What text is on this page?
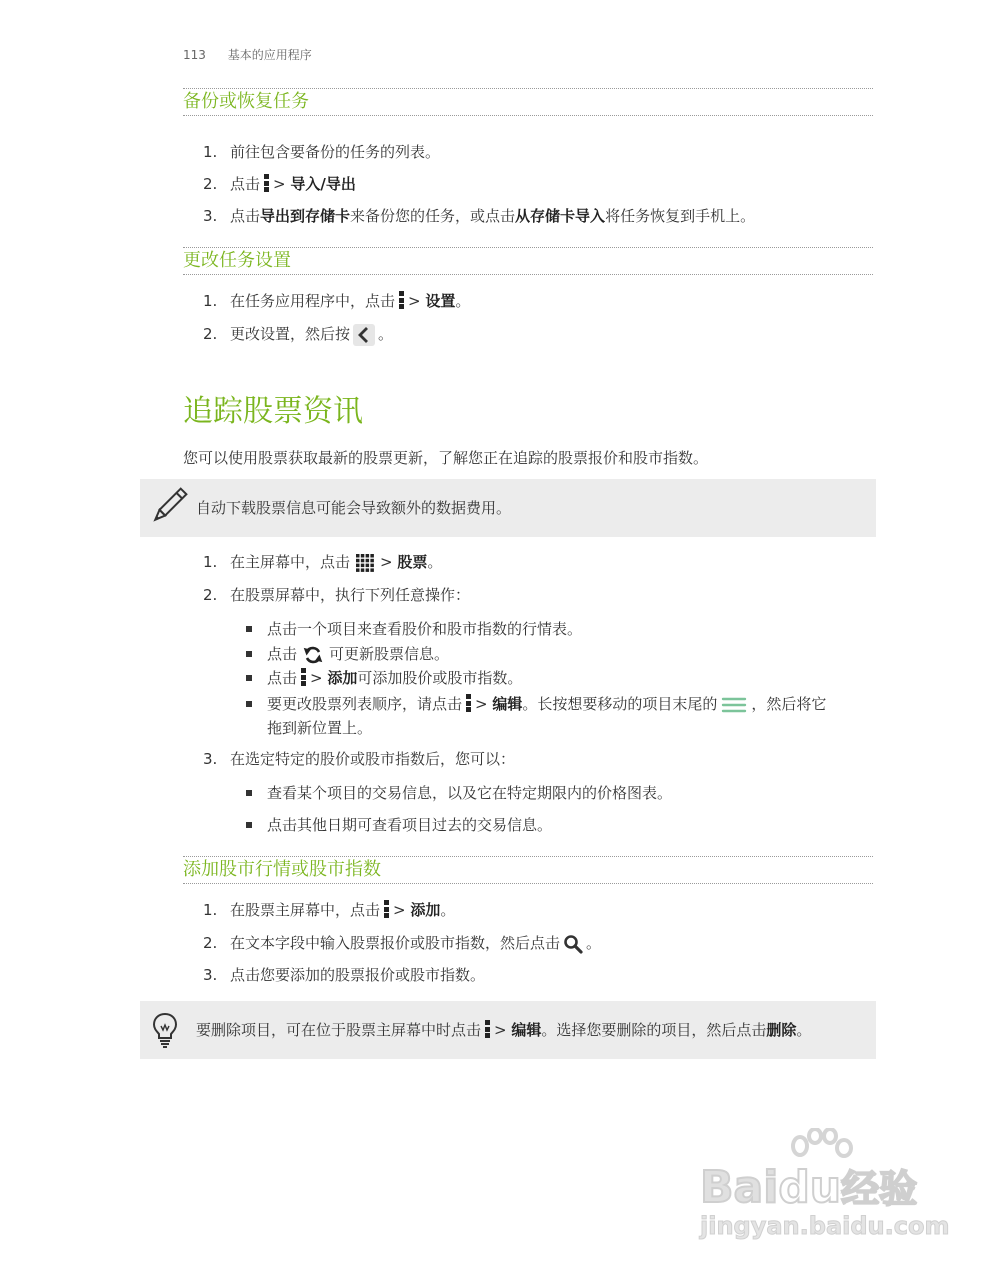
113 基本的应用程序
备份或恢复任务
1. 前往包含要备份的任务的列表。
2. 点击 > 导入/导出
3. 点击导出到存储卡来备份您的任务，或点击从存储卡导入将任务恢复到手机上。
更改任务设置
1. 在任务应用程序中，点击 > 设置。
2. 更改设置，然后按 。
追踪股票资讯
您可以使用股票获取最新的股票更新，了解您正在追踪的股票报价和股市指数。
自动下载股票信息可能会导致额外的数据费用。
1. 在主屏幕中，点击 > 股票。
2. 在股票屏幕中，执行下列任意操作：
点击一个项目来查看股价和股市指数的行情表。
点击 可更新股票信息。
点击 > 添加可添加股价或股市指数。
要更改股票列表顺序，请点击 > 编辑。长按想要移动的项目末尾的 ，然后将它
拖到新位置上。
3. 在选定特定的股价或股市指数后，您可以：
查看某个项目的交易信息，以及它在特定期限内的价格图表。
点击其他日期可查看项目过去的交易信息。
添加股市行情或股市指数
1. 在股票主屏幕中，点击 > 添加。
2. 在文本字段中输入股票报价或股市指数，然后点击 。
3. 点击您要添加的股票报价或股市指数。
要删除项目，可在位于股票主屏幕中时点击 > 编辑。选择您要删除的项目，然后点击删除。
Baidu经验
jingyan.baidu.com
